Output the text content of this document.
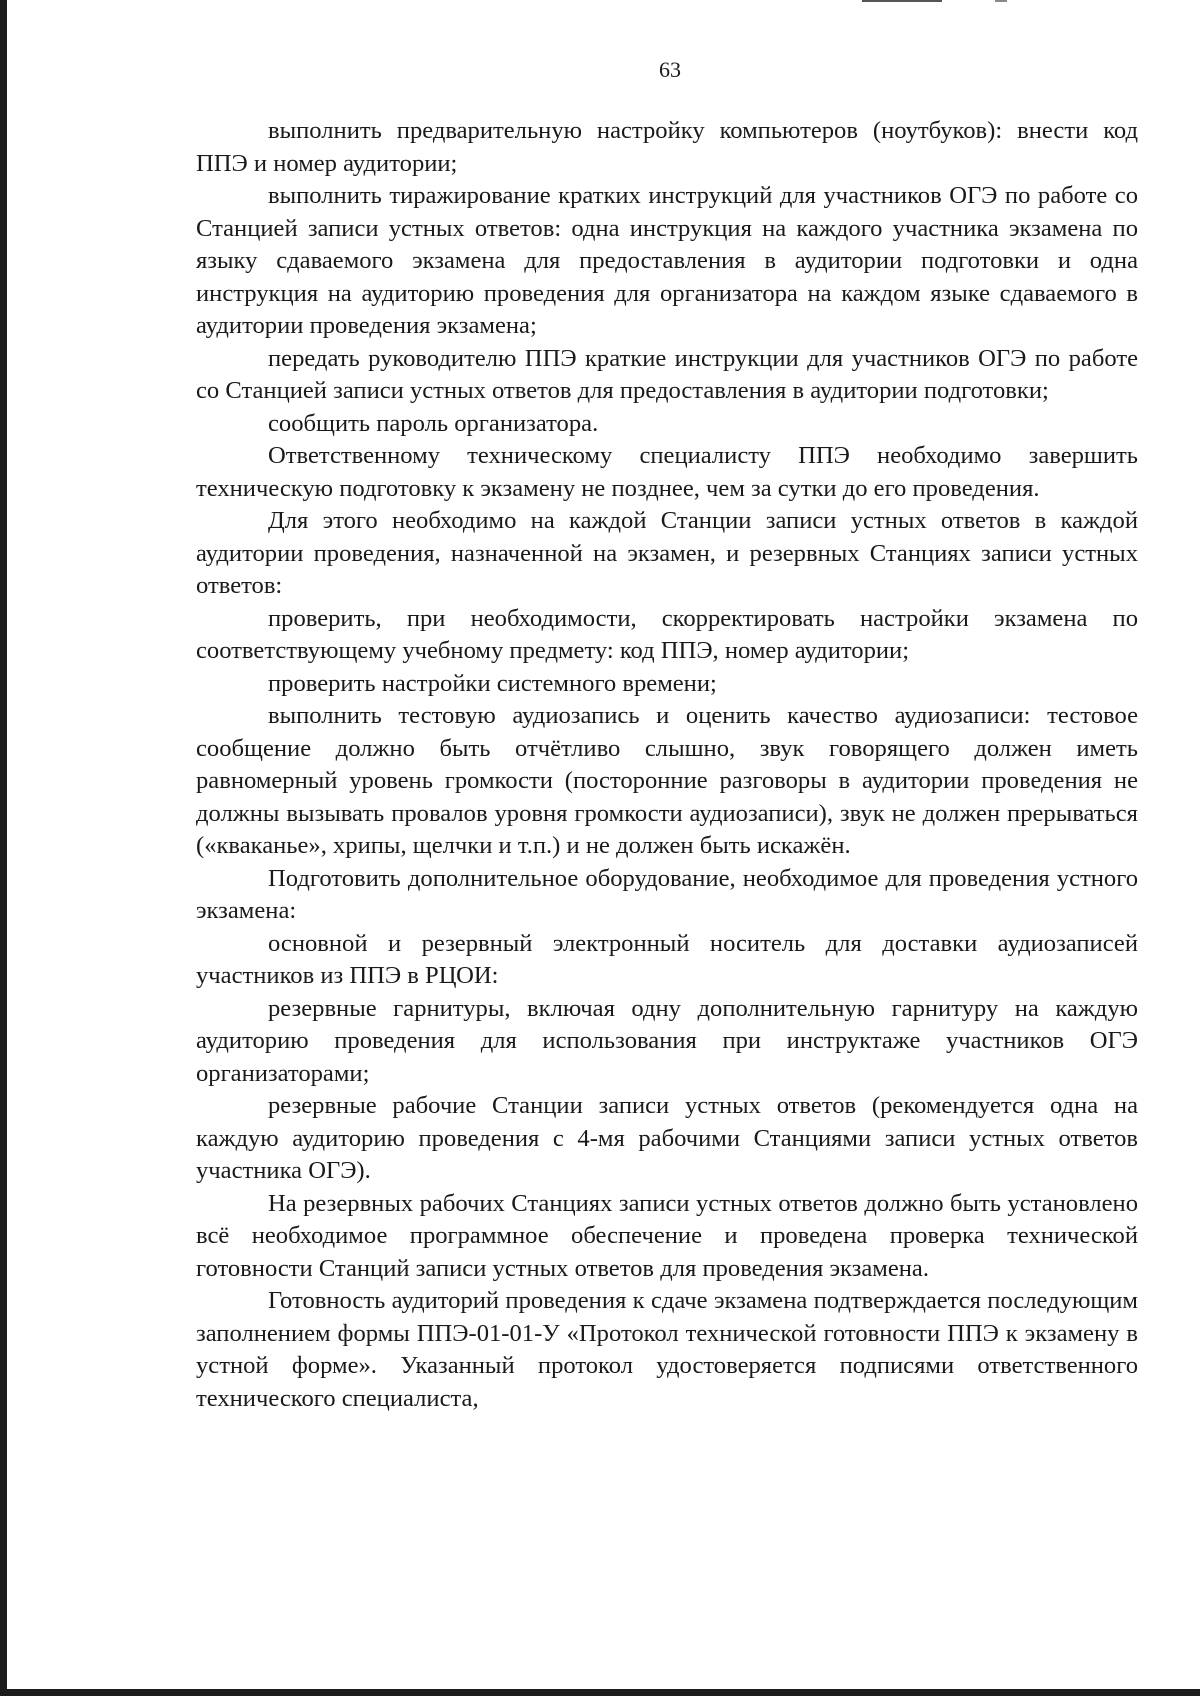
63

выполнить предварительную настройку компьютеров (ноутбуков): внести код ППЭ и номер аудитории;

выполнить тиражирование кратких инструкций для участников ОГЭ по работе со Станцией записи устных ответов: одна инструкция на каждого участника экзамена по языку сдаваемого экзамена для предоставления в аудитории подготовки и одна инструкция на аудиторию проведения для организатора на каждом языке сдаваемого в аудитории проведения экзамена;

передать руководителю ППЭ краткие инструкции для участников ОГЭ по работе со Станцией записи устных ответов для предоставления в аудитории подготовки;

сообщить пароль организатора.

Ответственному техническому специалисту ППЭ необходимо завершить техническую подготовку к экзамену не позднее, чем за сутки до его проведения.

Для этого необходимо на каждой Станции записи устных ответов в каждой аудитории проведения, назначенной на экзамен, и резервных Станциях записи устных ответов:

проверить, при необходимости, скорректировать настройки экзамена по соответствующему учебному предмету: код ППЭ, номер аудитории;

проверить настройки системного времени;

выполнить тестовую аудиозапись и оценить качество аудиозаписи: тестовое сообщение должно быть отчётливо слышно, звук говорящего должен иметь равномерный уровень громкости (посторонние разговоры в аудитории проведения не должны вызывать провалов уровня громкости аудиозаписи), звук не должен прерываться («кваканье», хрипы, щелчки и т.п.) и не должен быть искажён.

Подготовить дополнительное оборудование, необходимое для проведения устного экзамена:

основной и резервный электронный носитель для доставки аудиозаписей участников из ППЭ в РЦОИ:

резервные гарнитуры, включая одну дополнительную гарнитуру на каждую аудиторию проведения для использования при инструктаже участников ОГЭ организаторами;

резервные рабочие Станции записи устных ответов (рекомендуется одна на каждую аудиторию проведения с 4-мя рабочими Станциями записи устных ответов участника ОГЭ).

На резервных рабочих Станциях записи устных ответов должно быть установлено всё необходимое программное обеспечение и проведена проверка технической готовности Станций записи устных ответов для проведения экзамена.

Готовность аудиторий проведения к сдаче экзамена подтверждается последующим заполнением формы ППЭ-01-01-У «Протокол технической готовности ППЭ к экзамену в устной форме». Указанный протокол удостоверяется подписями ответственного технического специалиста,
